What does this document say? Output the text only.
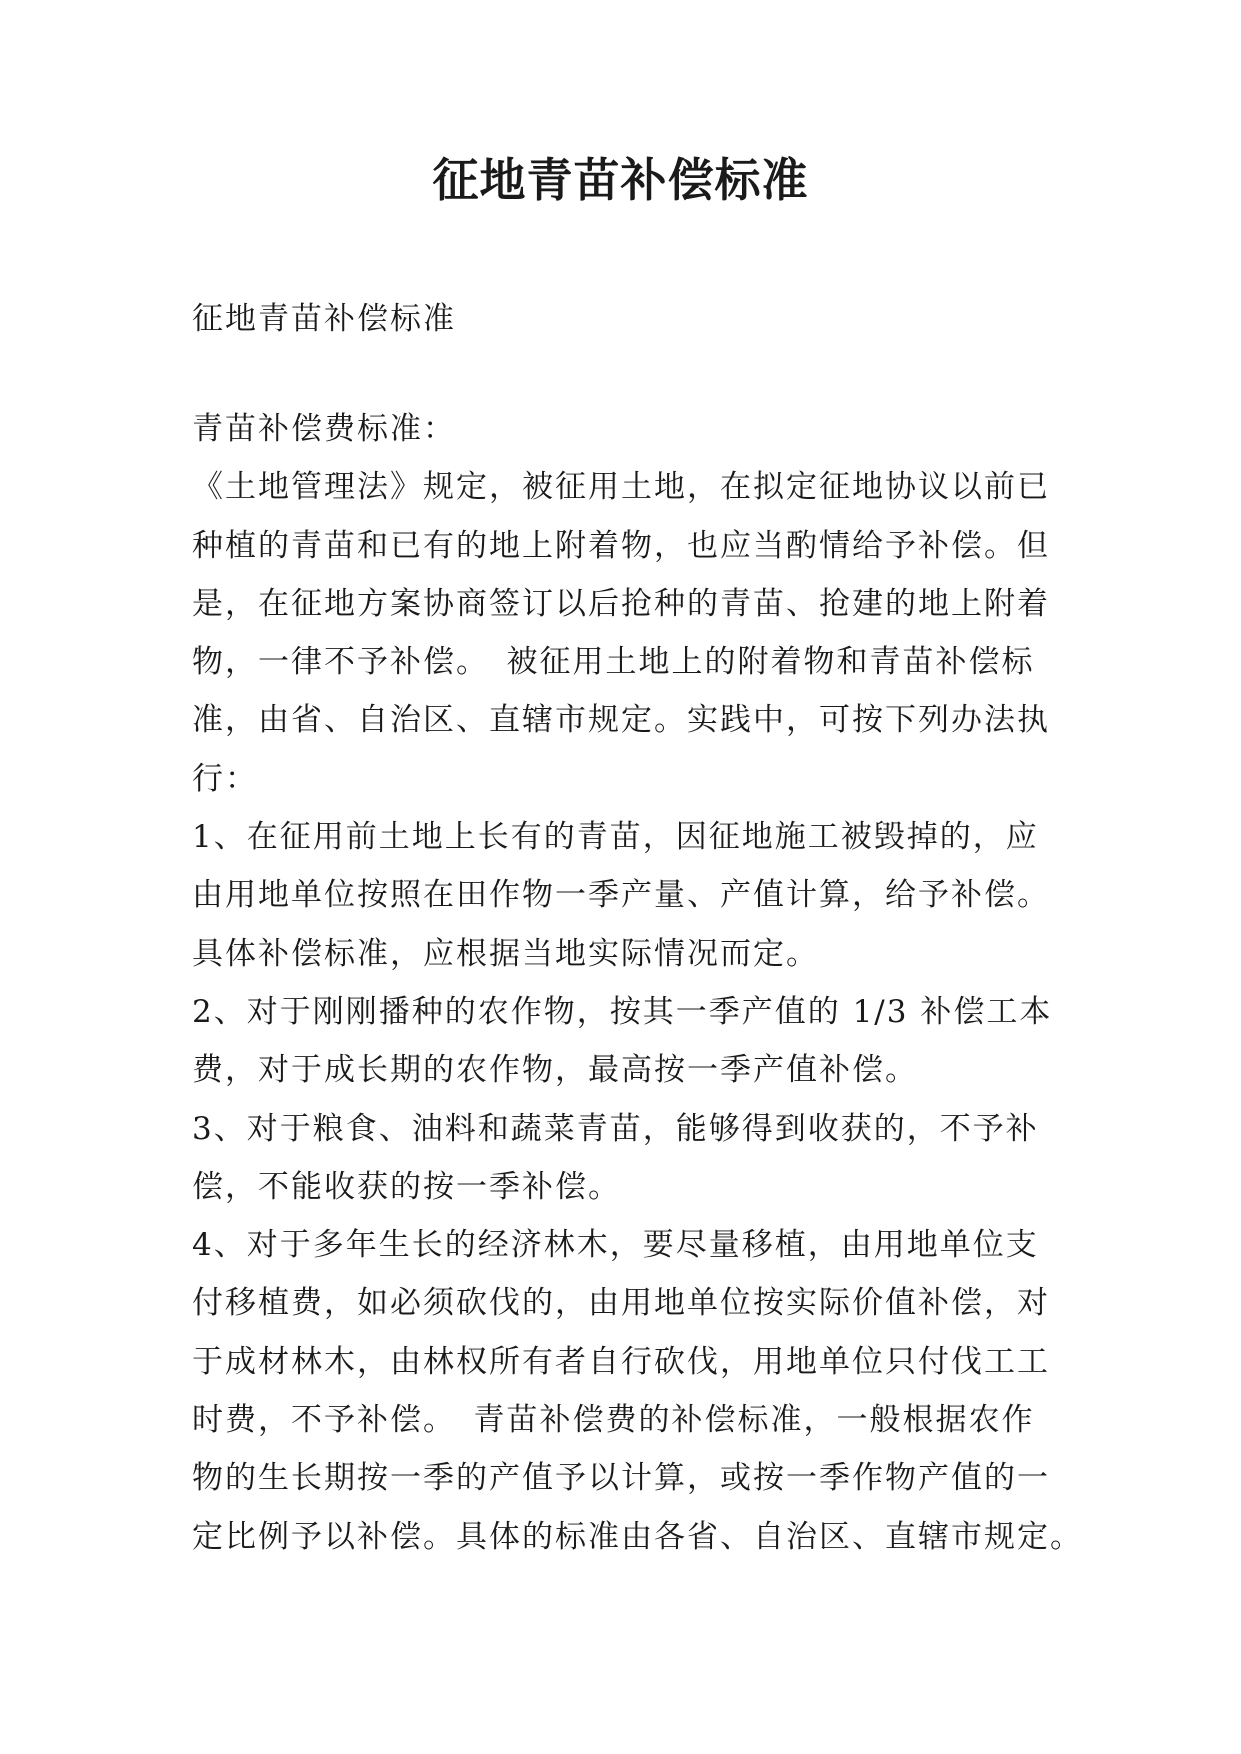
征地青苗补偿标准

征地青苗补偿标准

青苗补偿费标准：
《土地管理法》规定，被征用土地，在拟定征地协议以前已
种植的青苗和已有的地上附着物，也应当酌情给予补偿。但
是，在征地方案协商签订以后抢种的青苗、抢建的地上附着
物，一律不予补偿。　被征用土地上的附着物和青苗补偿标
准，由省、自治区、直辖市规定。实践中，可按下列办法执
行：
1、在征用前土地上长有的青苗，因征地施工被毁掉的，应
由用地单位按照在田作物一季产量、产值计算，给予补偿。
具体补偿标准，应根据当地实际情况而定。
2、对于刚刚播种的农作物，按其一季产值的 1/3 补偿工本
费，对于成长期的农作物，最高按一季产值补偿。
3、对于粮食、油料和蔬菜青苗，能够得到收获的，不予补
偿，不能收获的按一季补偿。
4、对于多年生长的经济林木，要尽量移植，由用地单位支
付移植费，如必须砍伐的，由用地单位按实际价值补偿，对
于成材林木，由林权所有者自行砍伐，用地单位只付伐工工
时费，不予补偿。　青苗补偿费的补偿标准，一般根据农作
物的生长期按一季的产值予以计算，或按一季作物产值的一
定比例予以补偿。具体的标准由各省、自治区、直辖市规定。
